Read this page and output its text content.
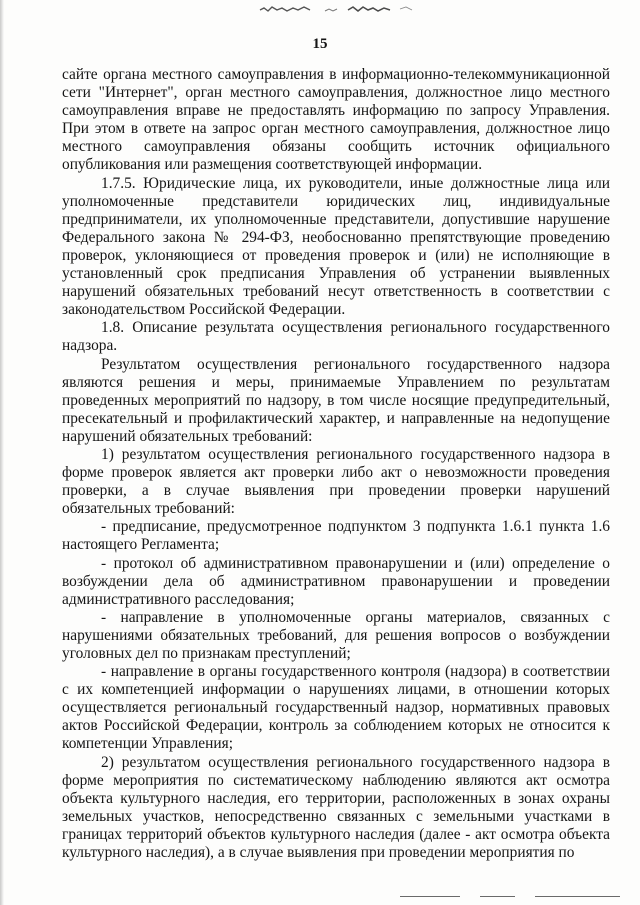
15

сайте органа местного самоуправления в информационно-телекоммуникационной сети "Интернет", орган местного самоуправления, должностное лицо местного самоуправления вправе не предоставлять информацию по запросу Управления. При этом в ответе на запрос орган местного самоуправления, должностное лицо местного самоуправления обязаны сообщить источник официального опубликования или размещения соответствующей информации.

1.7.5. Юридические лица, их руководители, иные должностные лица или уполномоченные представители юридических лиц, индивидуальные предприниматели, их уполномоченные представители, допустившие нарушение Федерального закона № 294-ФЗ, необоснованно препятствующие проведению проверок, уклоняющиеся от проведения проверок и (или) не исполняющие в установленный срок предписания Управления об устранении выявленных нарушений обязательных требований несут ответственность в соответствии с законодательством Российской Федерации.

1.8. Описание результата осуществления регионального государственного надзора.

Результатом осуществления регионального государственного надзора являются решения и меры, принимаемые Управлением по результатам проведенных мероприятий по надзору, в том числе носящие предупредительный, пресекательный и профилактический характер, и направленные на недопущение нарушений обязательных требований:

1) результатом осуществления регионального государственного надзора в форме проверок является акт проверки либо акт о невозможности проведения проверки, а в случае выявления при проведении проверки нарушений обязательных требований:

- предписание, предусмотренное подпунктом 3 подпункта 1.6.1 пункта 1.6 настоящего Регламента;

- протокол об административном правонарушении и (или) определение о возбуждении дела об административном правонарушении и проведении административного расследования;

- направление в уполномоченные органы материалов, связанных с нарушениями обязательных требований, для решения вопросов о возбуждении уголовных дел по признакам преступлений;

- направление в органы государственного контроля (надзора) в соответствии с их компетенцией информации о нарушениях лицами, в отношении которых осуществляется региональный государственный надзор, нормативных правовых актов Российской Федерации, контроль за соблюдением которых не относится к компетенции Управления;

2) результатом осуществления регионального государственного надзора в форме мероприятия по систематическому наблюдению являются акт осмотра объекта культурного наследия, его территории, расположенных в зонах охраны земельных участков, непосредственно связанных с земельными участками в границах территорий объектов культурного наследия (далее - акт осмотра объекта культурного наследия), а в случае выявления при проведении мероприятия по
